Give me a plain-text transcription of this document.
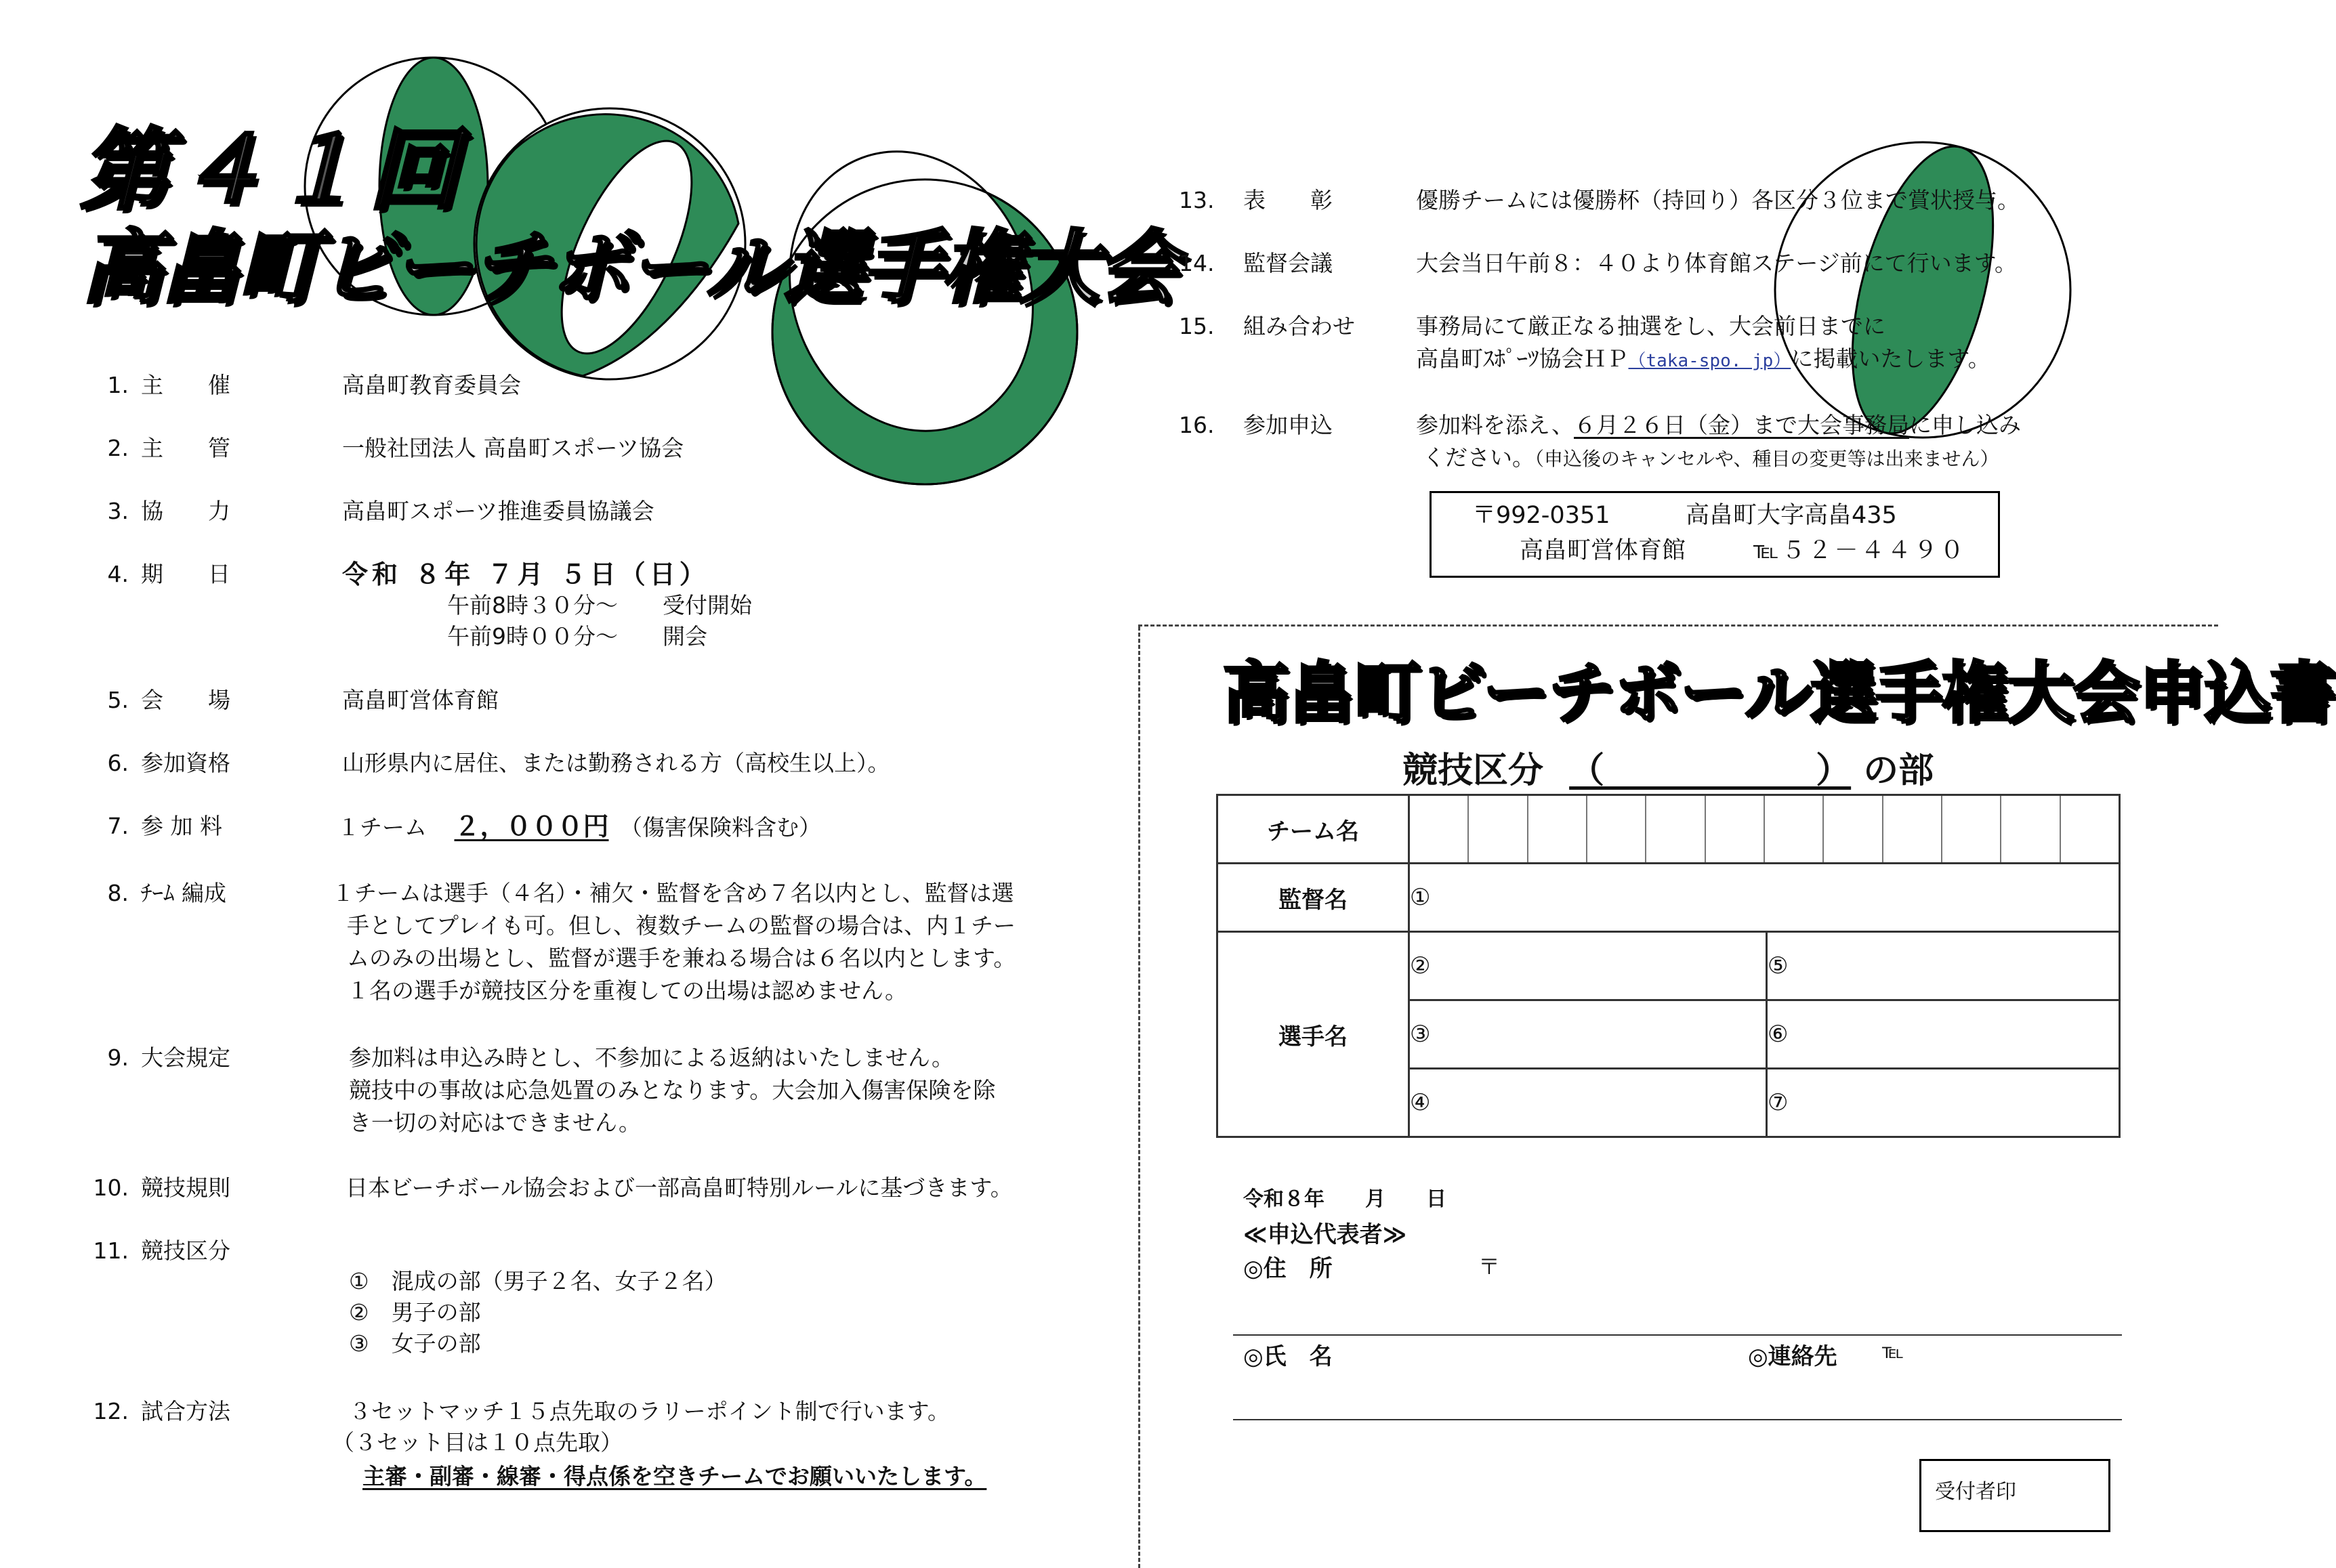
第４１回
高畠町ビーチボール選手権大会
1. 主　　催	高畠町教育委員会
2. 主　　管	一般社団法人 高畠町スポーツ協会
3. 協　　力	高畠町スポーツ推進委員協議会
4. 期　　日	令和 ８年 ７月 ５日（日）
午前8時３０分～　　受付開始
午前9時００分～　　開会
5. 会　　場	高畠町営体育館
6. 参加資格	山形県内に居住、または勤務される方（高校生以上）。
7. 参 加 料	１チーム ２，０００円 （傷害保険料含む）
8. ﾁｰﾑ 編成	１チームは選手（４名）・補欠・監督を含め７名以内とし、監督は選
手としてプレイも可。但し、複数チームの監督の場合は、内１チー
ムのみの出場とし、監督が選手を兼ねる場合は６名以内とします。
１名の選手が競技区分を重複しての出場は認めません。
9. 大会規定	参加料は申込み時とし、不参加による返納はいたしません。
競技中の事故は応急処置のみとなります。大会加入傷害保険を除
き一切の対応はできません。
10. 競技規則	日本ビーチボール協会および一部高畠町特別ルールに基づきます。
11. 競技区分
①　混成の部（男子２名、女子２名）
②　男子の部
③　女子の部
12. 試合方法	３セットマッチ１５点先取のラリーポイント制で行います。
（３セット目は１０点先取）
主審・副審・線審・得点係を空きチームでお願いいたします。
13. 表　　彰	優勝チームには優勝杯（持回り）各区分３位まで賞状授与。
14. 監督会議	大会当日午前８：４０より体育館ステージ前にて行います。
15. 組み合わせ	事務局にて厳正なる抽選をし、大会前日までに
高畠町ｽﾎﾟｰﾂ協会ＨＰ（taka-spo. jp）に掲載いたします。
16. 参加申込	参加料を添え、６月２６日（金）まで大会事務局に申し込み
ください。（申込後のキャンセルや、種目の変更等は出来ません）
〒992-0351	高畠町大字高畠435
高畠町営体育館	℡５２－４４９０
高畠町ビーチボール選手権大会申込書
競技区分 （　　　　　　） の部
チーム名		

監督名	①	
選手名	②	⑤
	③	⑥
	④	⑦
令和８年　　月　　日
≪申込代表者≫
◎住　所	〒
◎氏　名	◎連絡先 ℡
受付者印
